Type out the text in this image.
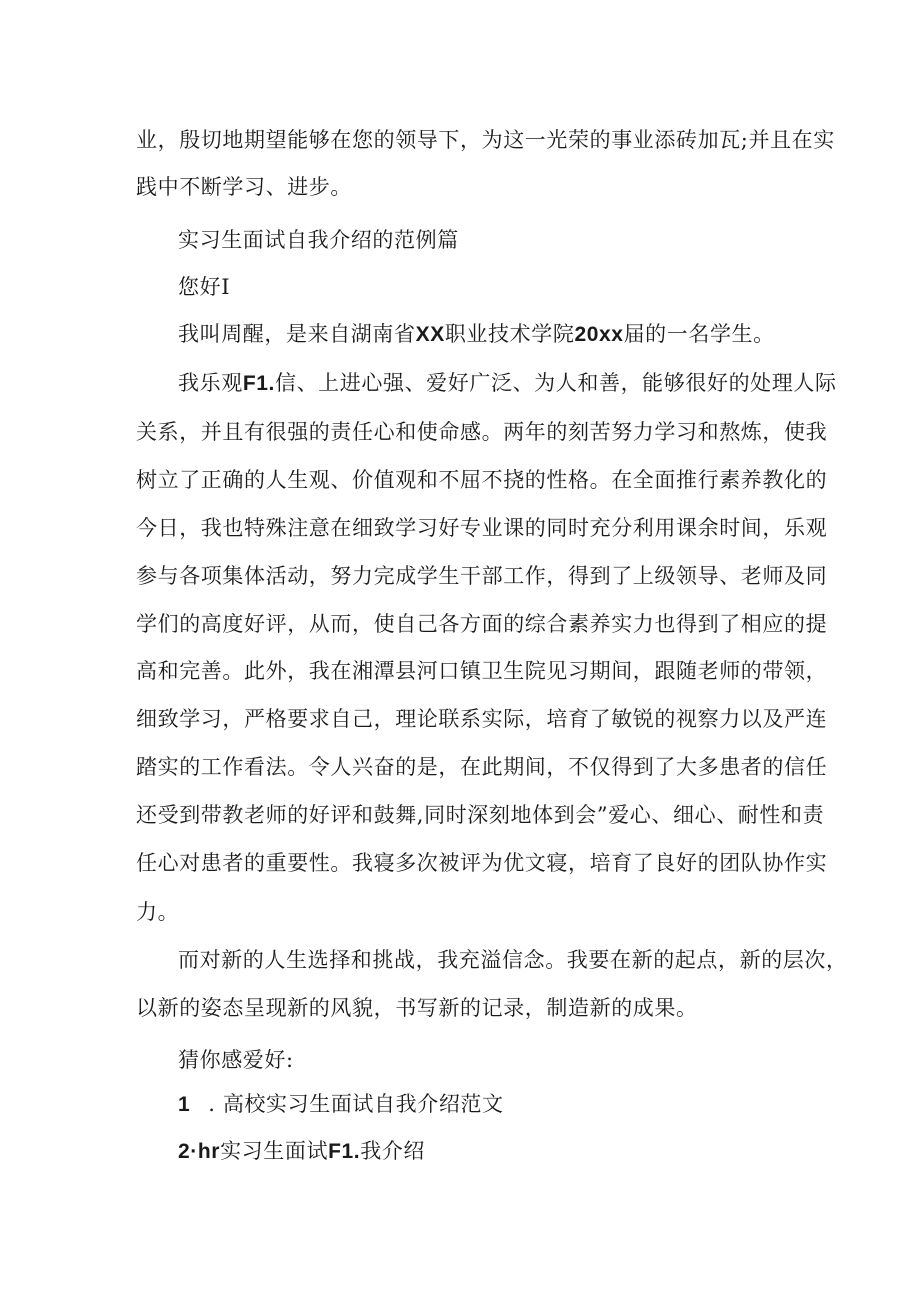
业，殷切地期望能够在您的领导下，为这一光荣的事业添砖加瓦;并且在实
践中不断学习、进步。
实习生面试自我介绍的范例篇
您好I
我叫周醒，是来自湖南省XX职业技术学院20xx届的一名学生。
我乐观F1.信、上进心强、爱好广泛、为人和善，能够很好的处理人际
关系，并且有很强的责任心和使命感。两年的刻苦努力学习和熬炼，使我
树立了正确的人生观、价值观和不屈不挠的性格。在全面推行素养教化的
今日，我也特殊注意在细致学习好专业课的同时充分利用课余时间，乐观
参与各项集体活动，努力完成学生干部工作，得到了上级领导、老师及同
学们的高度好评，从而，使自己各方面的综合素养实力也得到了相应的提
高和完善。此外，我在湘潭县河口镇卫生院见习期间，跟随老师的带领，
细致学习，严格要求自己，理论联系实际，培育了敏锐的视察力以及严连
踏实的工作看法。令人兴奋的是，在此期间，不仅得到了大多患者的信任
还受到带教老师的好评和鼓舞,同时深刻地体到会”爱心、细心、耐性和责
任心对患者的重要性。我寝多次被评为优文寝，培育了良好的团队协作实
力。
而对新的人生选择和挑战，我充溢信念。我要在新的起点，新的层次，
以新的姿态呈现新的风貌，书写新的记录，制造新的成果。
猜你感爱好:
1 . 高校实习生面试自我介绍范文
2·hr实习生面试F1.我介绍
